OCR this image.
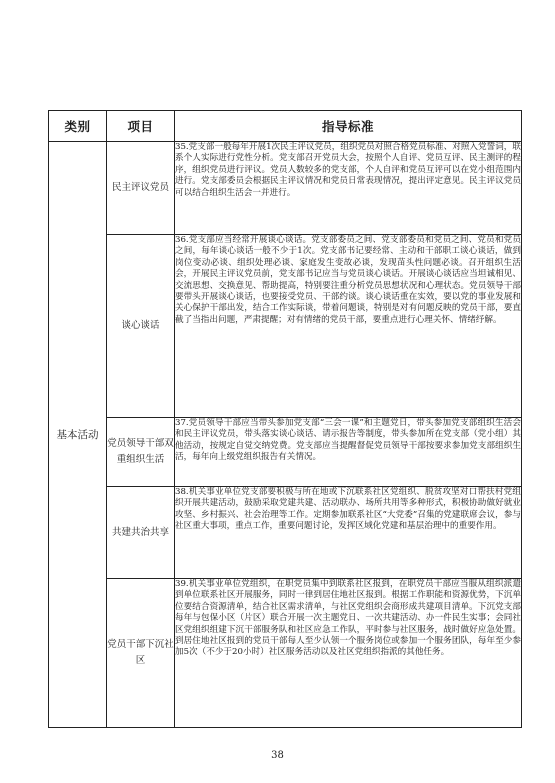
类别	项目	指导标准
基本活动	民主评议党员	35.党支部一般每年开展1次民主评议党员，组织党员对照合格党员标准、对照入党誓词，联系个人实际进行党性分析。党支部召开党员大会，按照个人自评、党员互评、民主测评的程序，组织党员进行评议。党员人数较多的党支部，个人自评和党员互评可以在党小组范围内进行。党支部委员会根据民主评议情况和党员日常表现情况，提出评定意见。民主评议党员可以结合组织生活会一并进行。
	谈心谈话	36.党支部应当经常开展谈心谈话。党支部委员之间、党支部委员和党员之间、党员和党员之间，每年谈心谈话一般不少于1次。党支部书记要经常、主动和干部职工谈心谈话，做到岗位变动必谈、组织处理必谈、家庭发生变故必谈，发现苗头性问题必谈。召开组织生活会，开展民主评议党员前，党支部书记应当与党员谈心谈话。开展谈心谈话应当坦诚相见、交流思想、交换意见、帮助提高，特别要注重分析党员思想状况和心理状态。党员领导干部要带头开展谈心谈话，也要接受党员、干部约谈。谈心谈话重在实效，要以党的事业发展和关心保护干部出发，结合工作实际谈，带着问题谈，特别是对有问题反映的党员干部，要直截了当指出问题，严肃提醒；对有情绪的党员干部，要重点进行心理关怀、情绪纾解。
	党员领导干部双重组织生活	37.党员领导干部应当带头参加党支部“三会一课”和主题党日，带头参加党支部组织生活会和民主评议党员，带头落实谈心谈话、请示报告等制度，带头参加所在党支部（党小组）其他活动，按规定自觉交纳党费。党支部应当提醒督促党员领导干部按要求参加党支部组织生活，每年向上级党组织报告有关情况。
	共建共治共享	38.机关事业单位党支部要积极与所在地或下沉联系社区党组织、脱贫攻坚对口帮扶村党组织开展共建活动，鼓励采取党建共建、活动联办、场所共用等多种形式，积极协助做好就业攻坚、乡村振兴、社会治理等工作。定期参加联系社区“大党委”召集的党建联席会议，参与社区重大事项，重点工作，重要问题讨论，发挥区域化党建和基层治理中的重要作用。
	党员干部下沉社区	39.机关事业单位党组织，在职党员集中到联系社区报到，在职党员干部应当服从组织派遣到单位联系社区开展服务，同时一律到居住地社区报到。根据工作职能和资源优势，下沉单位要结合资源清单，结合社区需求清单，与社区党组织会商形成共建项目清单。下沉党支部每年与包保小区（片区）联合开展一次主题党日、一次共建活动、办一件民生实事；会同社区党组织组建下沉干部服务队和社区应急工作队，平时参与社区服务，战时做好应急处置。到居住地社区报到的党员干部每人至少认领一个服务岗位或参加一个服务团队，每年至少参加5次（不少于20小时）社区服务活动以及社区党组织指派的其他任务。
38
